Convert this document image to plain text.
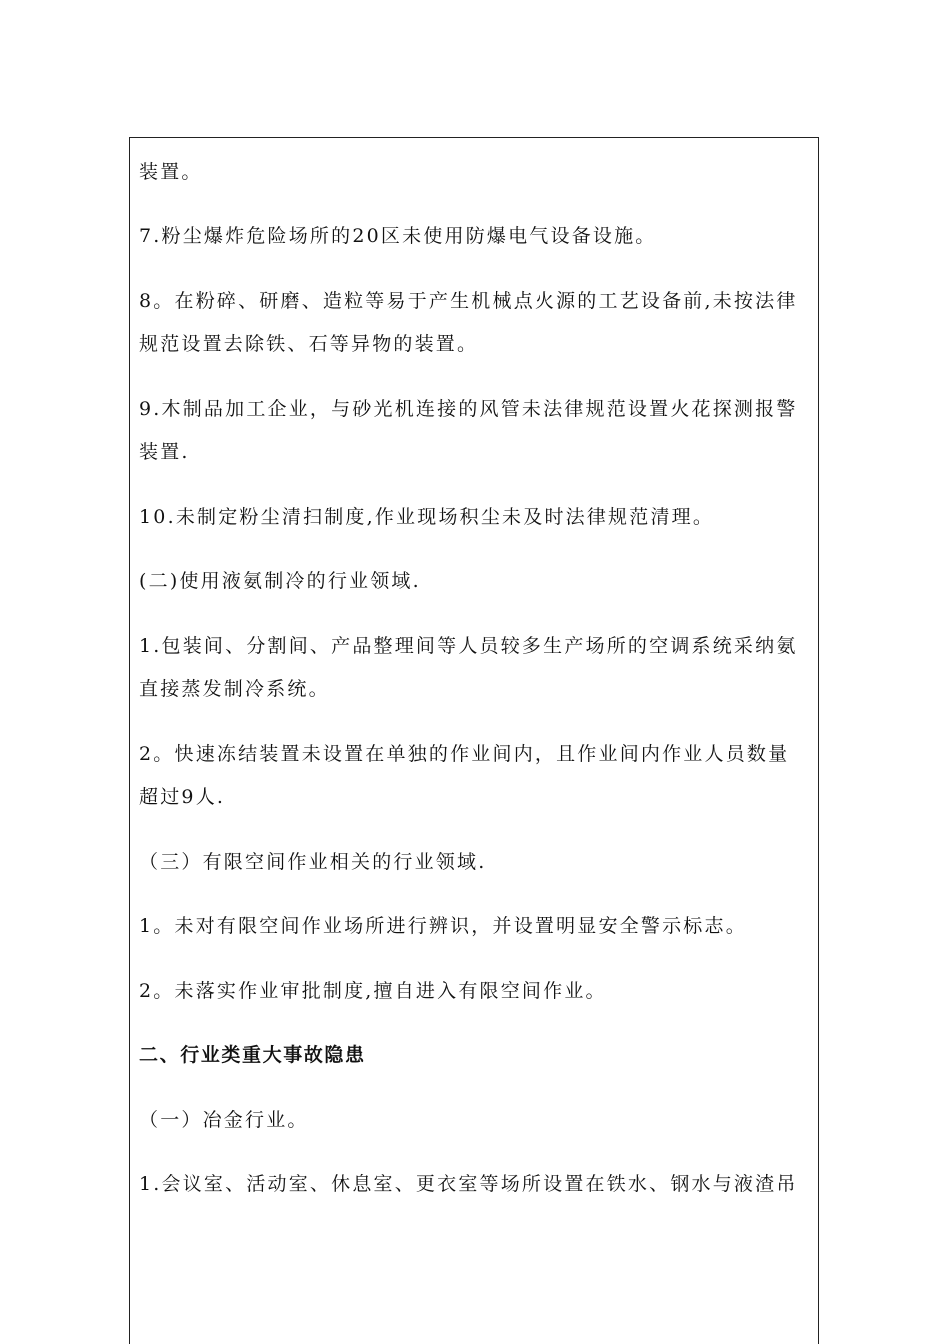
装置。
7.粉尘爆炸危险场所的20区未使用防爆电气设备设施。
8。在粉碎、研磨、造粒等易于产生机械点火源的工艺设备前,未按法律
规范设置去除铁、石等异物的装置。
9.木制品加工企业，与砂光机连接的风管未法律规范设置火花探测报警
装置.
10.未制定粉尘清扫制度,作业现场积尘未及时法律规范清理。
(二)使用液氨制冷的行业领域.
1.包装间、分割间、产品整理间等人员较多生产场所的空调系统采纳氨
直接蒸发制冷系统。
2。快速冻结装置未设置在单独的作业间内，且作业间内作业人员数量
超过9人.
（三）有限空间作业相关的行业领域.
1。未对有限空间作业场所进行辨识，并设置明显安全警示标志。
2。未落实作业审批制度,擅自进入有限空间作业。
二、行业类重大事故隐患
（一）冶金行业。
1.会议室、活动室、休息室、更衣室等场所设置在铁水、钢水与液渣吊
